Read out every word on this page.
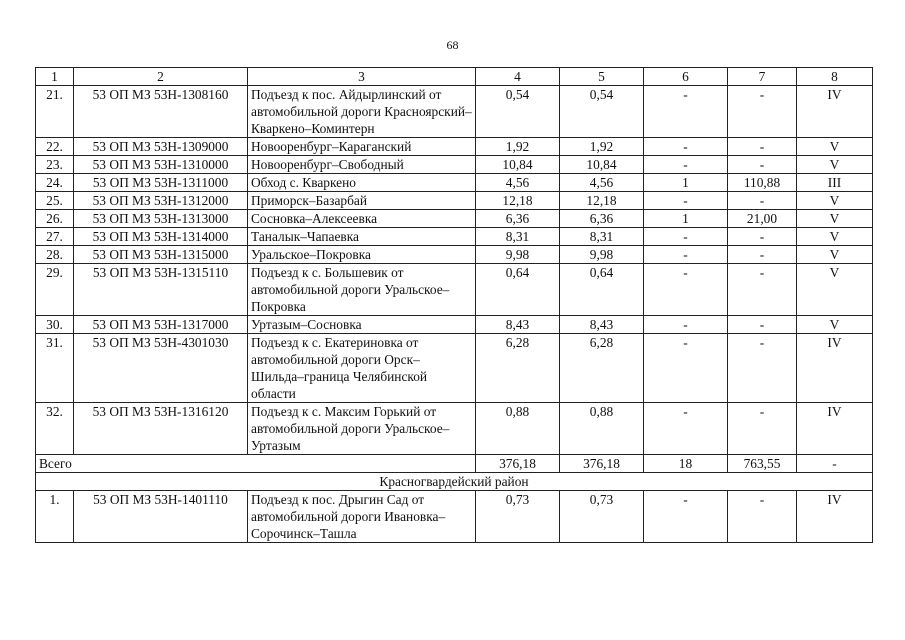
68
1	2	3	4	5	6	7	8
21.	53 ОП МЗ 53Н-1308160	Подъезд к пос. Айдырлинский от автомобильной дороги Красноярский–Кваркено–Коминтерн	0,54	0,54	-	-	IV
22.	53 ОП МЗ 53Н-1309000	Новооренбург–Караганский	1,92	1,92	-	-	V
23.	53 ОП МЗ 53Н-1310000	Новооренбург–Свободный	10,84	10,84	-	-	V
24.	53 ОП МЗ 53Н-1311000	Обход с. Кваркено	4,56	4,56	1	110,88	III
25.	53 ОП МЗ 53Н-1312000	Приморск–Базарбай	12,18	12,18	-	-	V
26.	53 ОП МЗ 53Н-1313000	Сосновка–Алексеевка	6,36	6,36	1	21,00	V
27.	53 ОП МЗ 53Н-1314000	Таналык–Чапаевка	8,31	8,31	-	-	V
28.	53 ОП МЗ 53Н-1315000	Уральское–Покровка	9,98	9,98	-	-	V
29.	53 ОП МЗ 53Н-1315110	Подъезд к с. Большевик от автомобильной дороги Уральское–Покровка	0,64	0,64	-	-	V
30.	53 ОП МЗ 53Н-1317000	Уртазым–Сосновка	8,43	8,43	-	-	V
31.	53 ОП МЗ 53Н-4301030	Подъезд к с. Екатериновка от автомобильной дороги Орск–Шильда–граница Челябинской области	6,28	6,28	-	-	IV
32.	53 ОП МЗ 53Н-1316120	Подъезд к с. Максим Горький от автомобильной дороги Уральское–Уртазым	0,88	0,88	-	-	IV
Всего			376,18	376,18	18	763,55	-
Красногвардейский район							
1.	53 ОП МЗ 53Н-1401110	Подъезд к пос. Дрыгин Сад от автомобильной дороги Ивановка–Сорочинск–Ташла	0,73	0,73	-	-	IV
